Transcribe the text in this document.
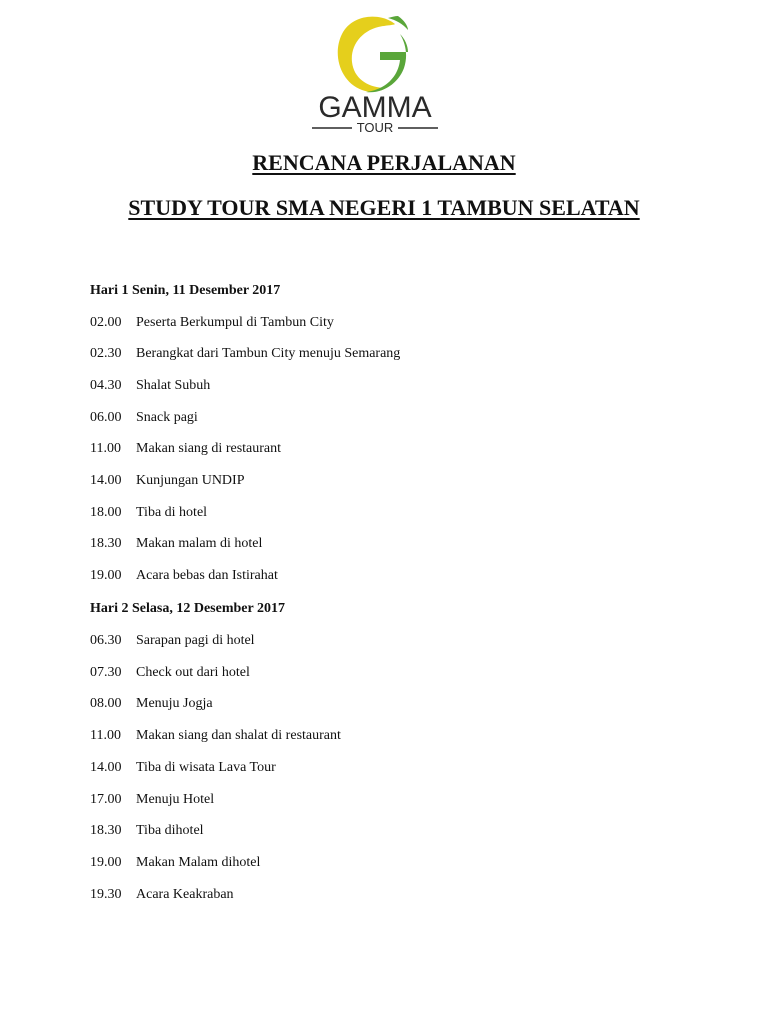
GAMMA
TOUR
RENCANA PERJALANAN
STUDY TOUR SMA NEGERI 1 TAMBUN SELATAN

Hari 1 Senin, 11 Desember 2017

02.00	Peserta Berkumpul di Tambun City
02.30	Berangkat dari Tambun City menuju Semarang
04.30	Shalat Subuh
06.00	Snack pagi
11.00	Makan siang di restaurant
14.00	Kunjungan UNDIP
18.00	Tiba di hotel
18.30	Makan malam di hotel
19.00	Acara bebas dan Istirahat

Hari 2 Selasa, 12 Desember 2017

06.30	Sarapan pagi di hotel
07.30	Check out dari hotel
08.00	Menuju Jogja
11.00	Makan siang dan shalat di restaurant
14.00	Tiba di wisata Lava Tour
17.00	Menuju Hotel
18.30	Tiba dihotel
19.00	Makan Malam dihotel
19.30	Acara Keakraban
